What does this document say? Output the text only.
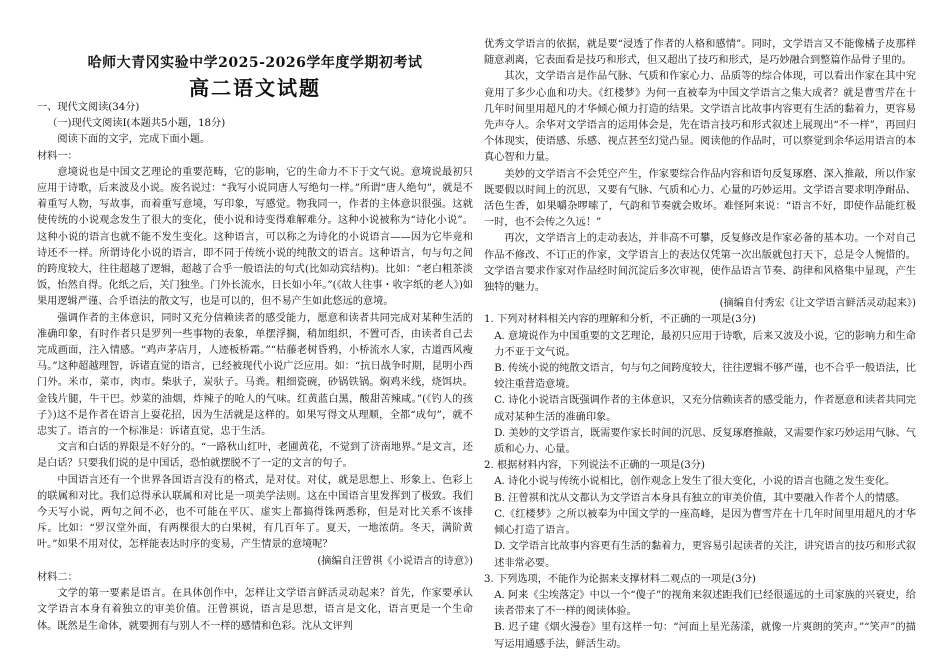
哈师大青冈实验中学2025-2026学年度学期初考试
高二语文试题

一、现代文阅读(34分)

（一)现代文阅读Ⅰ(本题共5小题，18分)

阅读下面的文字，完成下面小题。

材料一：

意境说也是中国文艺理论的重要范畴，它的影响，它的生命力不下于文气说。意境说最初只应用于诗歌，后来波及小说。废名说过：“我写小说同唐人写绝句一样。”所谓“唐人绝句”，就是不着重写人物，写故事，而着重写意境，写印象，写感觉。物我同一，作者的主体意识很强。这就使传统的小说观念发生了很大的变化，使小说和诗变得难解难分。这种小说被称为“诗化小说”。这种小说的语言也就不能不发生变化。这种语言，可以称之为诗化的小说语言——因为它毕竟和诗还不一样。所谓诗化小说的语言，即不同于传统小说的纯散文的语言。这种语言，句与句之间的跨度较大，往往超越了逻辑，超越了合乎一般语法的句式(比如动宾结构)。比如：“老白粗茶淡饭，怡然自得。化纸之后，关门独坐。门外长流水，日长如小年。”(《故人往事・收字纸的老人》)如果用逻辑严谨、合乎语法的散文写，也是可以的，但不易产生如此悠远的意境。

强调作者的主体意识，同时又充分信赖读者的感受能力，愿意和读者共同完成对某种生活的准确印象，有时作者只是罗列一些事物的表象，单摆浮搁，稍加组织，不置可否，由读者自己去完成画面，注入情感。“鸡声茅店月，人迹板桥霜。”“枯藤老树昏鸦，小桥流水人家，古道西风瘦马。”这种超越理智，诉诸直觉的语言，已经被现代小说广泛应用。如：“抗日战争时期，昆明小西门外。米市，菜市，肉市。柴驮子，炭驮子。马粪。粗细瓷碗，砂锅铁锅。焖鸡米线，烧饵块。金钱片腿，牛干巴。炒菜的油烟，炸辣子的呛人的气味。红黄蓝白黑，酸甜苦辣咸。”(《钓人的孩子》)这不是作者在语言上耍花招，因为生活就是这样的。如果写得文从理顺，全都“成句”，就不忠实了。语言的一个标准是：诉诸直觉，忠于生活。

文言和白话的界限是不好分的。“一路秋山红叶，老圃黄花，不觉到了济南地界。”是文言，还是白话？只要我们说的是中国话，恐怕就摆脱不了一定的文言的句子。

中国语言还有一个世界各国语言没有的格式，是对仗。对仗，就是思想上、形象上、色彩上的联属和对比。我们总得承认联属和对比是一项美学法则。这在中国语言里发挥到了极致。我们今天写小说，两句之间不必，也不可能在平仄、虚实上都搞得铢两悉称，但是对比关系不该排斥。比如：“罗汉堂外面，有两棵很大的白果树，有几百年了。夏天，一地浓荫。冬天，满阶黄叶。”如果不用对仗，怎样能表达时序的变易，产生情景的意境呢？

(摘编自汪曾祺《小说语言的诗意》)

材料二：

文学的第一要素是语言。在具体创作中，怎样让文学语言鲜活灵动起来？首先，作家要承认文学语言本身有着独立的审美价值。汪曾祺说，语言是思想，语言是文化，语言更是一个生命体。既然是生命体，就要拥有与别人不一样的感情和色彩。沈从文评判

优秀文学语言的依据，就是要“浸透了作者的人格和感情”。同时，文学语言又不能像橘子皮那样随意剥离，它表面看是技巧和形式，但又超出了技巧和形式，是巧妙融合到整篇作品骨子里的。

其次，文学语言是作品气脉、气质和作家心力、品质等的综合体现，可以看出作家在其中究竟用了多少心血和功夫。《红楼梦》为何一直被奉为中国文学语言之集大成者？就是曹雪芹在十几年时间里用超凡的才华倾心倾力打造的结果。文学语言比故事内容更有生活的黏着力，更容易先声夺人。余华对文学语言的运用体会是，先在语言技巧和形式叙述上展现出“不一样”，再回归个体现实，使语感、乐感、视点甚至幻觉凸显。阅读他的作品时，可以察觉到余华运用语言的本真心智和力量。

美妙的文学语言不会凭空产生，作家要综合作品内容和语句反复琢磨、深入推敲，所以作家既要假以时间上的沉思，又要有气脉、气质和心力、心量的巧妙运用。文学语言要求明净耐品、活色生香，如果嚼杂啰嗦了，气韵和节奏就会败坏。难怪阿来说：“语言不好，即使作品能红极一时，也不会传之久远！”

再次，文学语言上的走动表达，并非高不可攀，反复修改是作家必备的基本功。一个对自己作品不修改、不订正的作家，文学语言上的表达仅凭第一次出版就包打天下，总是令人惋惜的。文学语言要求作家对作品经时间沉淀后多次审视，使作品语言节奏、韵律和风格集中显现，产生独特的魅力。

(摘编自付秀宏《让文学语言鲜活灵动起来》)

1. 下列对材料相关内容的理解和分析，不正确的一项是(3分)

A. 意境说作为中国重要的文艺理论，最初只应用于诗歌，后来又波及小说，它的影响力和生命力不亚于文气说。

B. 传统小说的纯散文语言，句与句之间跨度较大，往往逻辑不够严谨，也不合乎一般语法，比较注重营造意境。

C. 诗化小说语言既强调作者的主体意识，又充分信赖读者的感受能力，作者愿意和读者共同完成对某种生活的准确印象。

D. 美妙的文学语言，既需要作家长时间的沉思、反复琢磨推敲，又需要作家巧妙运用气脉、气质和心力、心量。

2. 根据材料内容，下列说法不正确的一项是(3分)

A. 诗化小说与传统小说相比，创作观念上发生了很大变化，小说的语言也随之发生变化。

B. 汪曾祺和沈从文都认为文学语言本身具有独立的审美价值，其中要融入作者个人的情感。

C.《红楼梦》之所以被奉为中国文学的一座高峰，是因为曹雪芹在十几年时间里用超凡的才华倾心打造了语言。

D. 文学语言比故事内容更有生活的黏着力，更容易引起读者的关注，讲究语言的技巧和形式叙述非常必要。

3. 下列选项，不能作为论据来支撑材料二观点的一项是(3分)

A. 阿来《尘埃落定》中以一个“傻子”的视角来叙述距我们已经很遥远的土司家族的兴衰史，给读者带来了不一样的阅读体验。

B. 迟子建《烟火漫卷》里有这样一句：“河面上星光荡漾，就像一片爽朗的笑声。”“笑声”的描写运用通感手法，鲜活生动。
